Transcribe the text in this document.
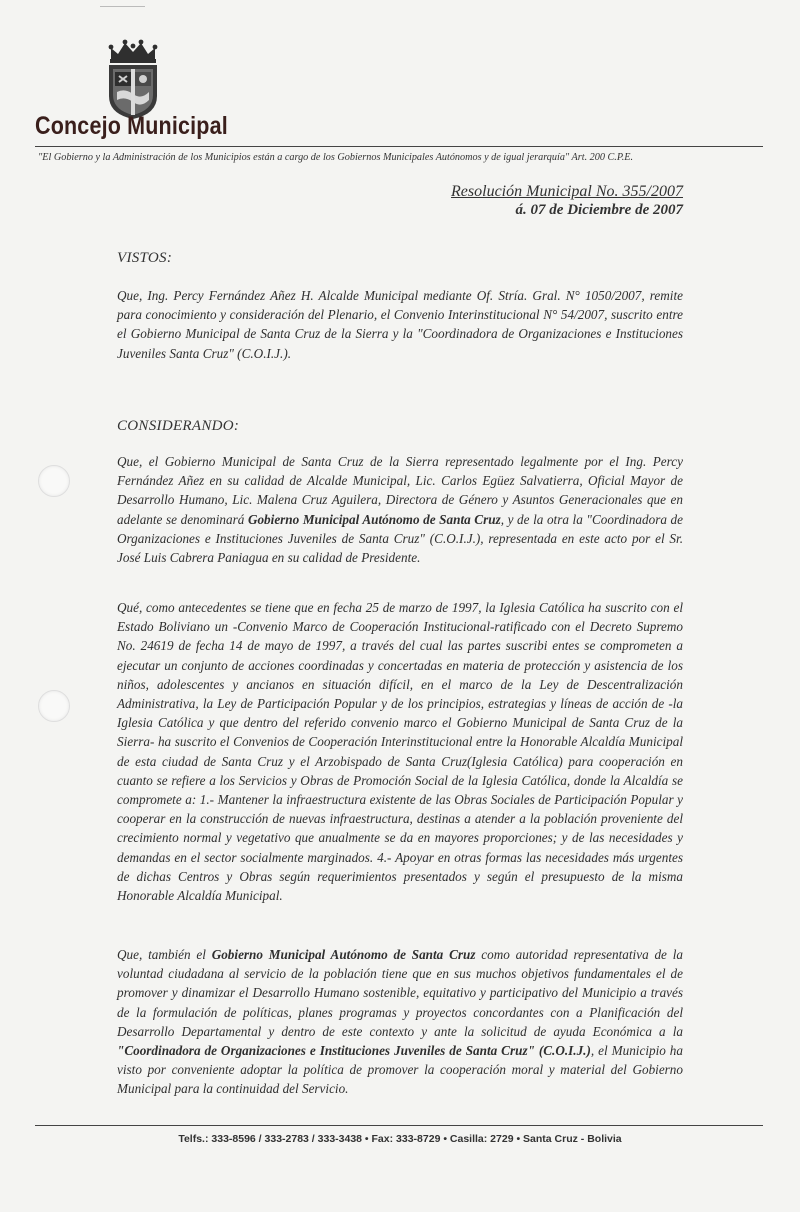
Concejo Municipal
"El Gobierno y la Administración de los Municipios están a cargo de los Gobiernos Municipales Autónomos y de igual jerarquía" Art. 200 C.P.E.
Resolución Municipal No. 355/2007
á. 07 de Diciembre de 2007
VISTOS:
Que, Ing. Percy Fernández Añez H. Alcalde Municipal mediante Of. Stría. Gral. N° 1050/2007, remite para conocimiento y consideración del Plenario, el Convenio Interinstitucional N° 54/2007, suscrito entre el Gobierno Municipal de Santa Cruz de la Sierra y la "Coordinadora de Organizaciones e Instituciones Juveniles Santa Cruz" (C.O.I.J.).
CONSIDERANDO:
Que, el Gobierno Municipal de Santa Cruz de la Sierra representado legalmente por el Ing. Percy Fernández Añez en su calidad de Alcalde Municipal, Lic. Carlos Egüez Salvatierra, Oficial Mayor de Desarrollo Humano, Lic. Malena Cruz Aguilera, Directora de Género y Asuntos Generacionales que en adelante se denominará Gobierno Municipal Autónomo de Santa Cruz, y de la otra la "Coordinadora de Organizaciones e Instituciones Juveniles de Santa Cruz" (C.O.I.J.), representada en este acto por el Sr. José Luis Cabrera Paniagua en su calidad de Presidente.
Qué, como antecedentes se tiene que en fecha 25 de marzo de 1997, la Iglesia Católica ha suscrito con el Estado Boliviano un -Convenio Marco de Cooperación Institucional-ratificado con el Decreto Supremo No. 24619 de fecha 14 de mayo de 1997, a través del cual las partes suscribi entes se comprometen a ejecutar un conjunto de acciones coordinadas y concertadas en materia de protección y asistencia de los niños, adolescentes y ancianos en situación difícil, en el marco de la Ley de Descentralización Administrativa, la Ley de Participación Popular y de los principios, estrategias y líneas de acción de -la Iglesia Católica y que dentro del referido convenio marco el Gobierno Municipal de Santa Cruz de la Sierra- ha suscrito el Convenios de Cooperación Interinstitucional entre la Honorable Alcaldía Municipal de esta ciudad de Santa Cruz y el Arzobispado de Santa Cruz(Iglesia Católica) para cooperación en cuanto se refiere a los Servicios y Obras de Promoción Social de la Iglesia Católica, donde la Alcaldía se compromete a: 1.- Mantener la infraestructura existente de las Obras Sociales de Participación Popular y cooperar en la construcción de nuevas infraestructura, destinas a atender a la población proveniente del crecimiento normal y vegetativo que anualmente se da en mayores proporciones; y de las necesidades y demandas en el sector socialmente marginados. 4.- Apoyar en otras formas las necesidades más urgentes de dichas Centros y Obras según requerimientos presentados y según el presupuesto de la misma Honorable Alcaldía Municipal.
Que, también el Gobierno Municipal Autónomo de Santa Cruz como autoridad representativa de la voluntad ciudadana al servicio de la población tiene que en sus muchos objetivos fundamentales el de promover y dinamizar el Desarrollo Humano sostenible, equitativo y participativo del Municipio a través de la formulación de políticas, planes programas y proyectos concordantes con a Planificación del Desarrollo Departamental y dentro de este contexto y ante la solicitud de ayuda Económica a la "Coordinadora de Organizaciones e Instituciones Juveniles de Santa Cruz" (C.O.I.J.), el Municipio ha visto por conveniente adoptar la política de promover la cooperación moral y material del Gobierno Municipal para la continuidad del Servicio.
Telfs.: 333-8596 / 333-2783 / 333-3438 • Fax: 333-8729 • Casilla: 2729 • Santa Cruz - Bolivia
